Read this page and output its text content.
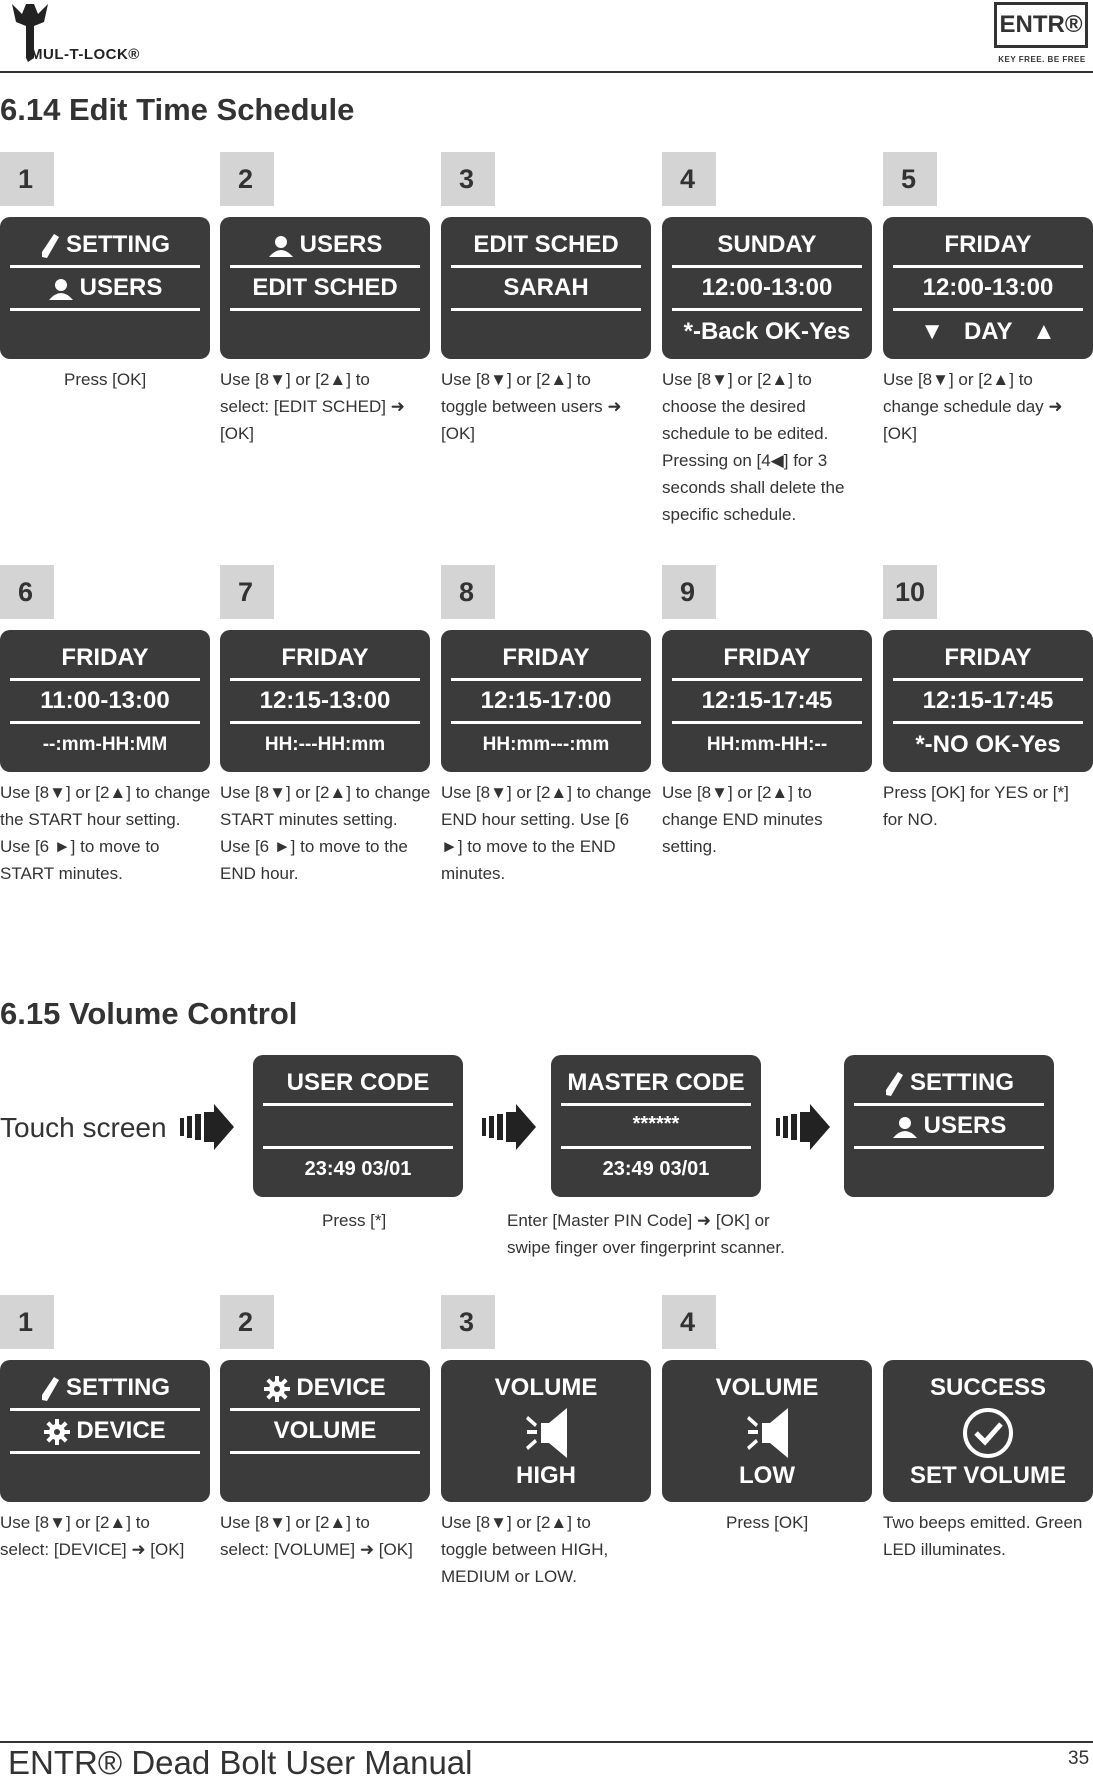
MUL-T-LOCK®
ENTR®
KEY FREE. BE FREE
6.14 Edit Time Schedule
1	2	3	4	5
SETTING
USERS
USERS
EDIT SCHED
EDIT SCHED
SARAH
SUNDAY
12:00-13:00
*-Back OK-Yes
FRIDAY
12:00-13:00
▼   DAY   ▲
Press [OK]	Use [8▼] or [2▲] to select: [EDIT SCHED] ➜ [OK]
Use [8▼] or [2▲] to toggle between users ➜ [OK]
Use [8▼] or [2▲] to choose the desired schedule to be edited. Pressing on [4◀] for 3 seconds shall delete the specific schedule.
Use [8▼] or [2▲] to change schedule day ➜ [OK]
6	7	8	9	10
FRIDAY
11:00-13:00
--:mm-HH:MM
FRIDAY
12:15-13:00
HH:---HH:mm
FRIDAY
12:15-17:00
HH:mm---:mm
FRIDAY
12:15-17:45
HH:mm-HH:--
FRIDAY
12:15-17:45
*-NO OK-Yes
Use [8▼] or [2▲] to change the START hour setting. Use [6 ►] to move to START minutes.
Use [8▼] or [2▲] to change START minutes setting. Use [6 ►] to move to the END hour.
Use [8▼] or [2▲] to change END hour setting. Use [6 ►] to move to the END minutes.
Use [8▼] or [2▲] to change END minutes setting.
Press [OK] for YES or [*] for NO.
6.15 Volume Control
Touch screen
USER CODE
23:49 03/01
MASTER CODE
******
23:49 03/01
SETTING
USERS
Press [*]	Enter [Master PIN Code] ➜ [OK] or swipe finger over fingerprint scanner.
1	2	3	4
SETTING
DEVICE
DEVICE
VOLUME
VOLUME
HIGH
VOLUME
LOW
SUCCESS
SET VOLUME
Use [8▼] or [2▲] to select: [DEVICE] ➜ [OK]
Use [8▼] or [2▲] to select: [VOLUME] ➜ [OK]
Use [8▼] or [2▲] to toggle between HIGH, MEDIUM or LOW.
Press [OK]	Two beeps emitted. Green LED illuminates.
ENTR® Dead Bolt User Manual	35
